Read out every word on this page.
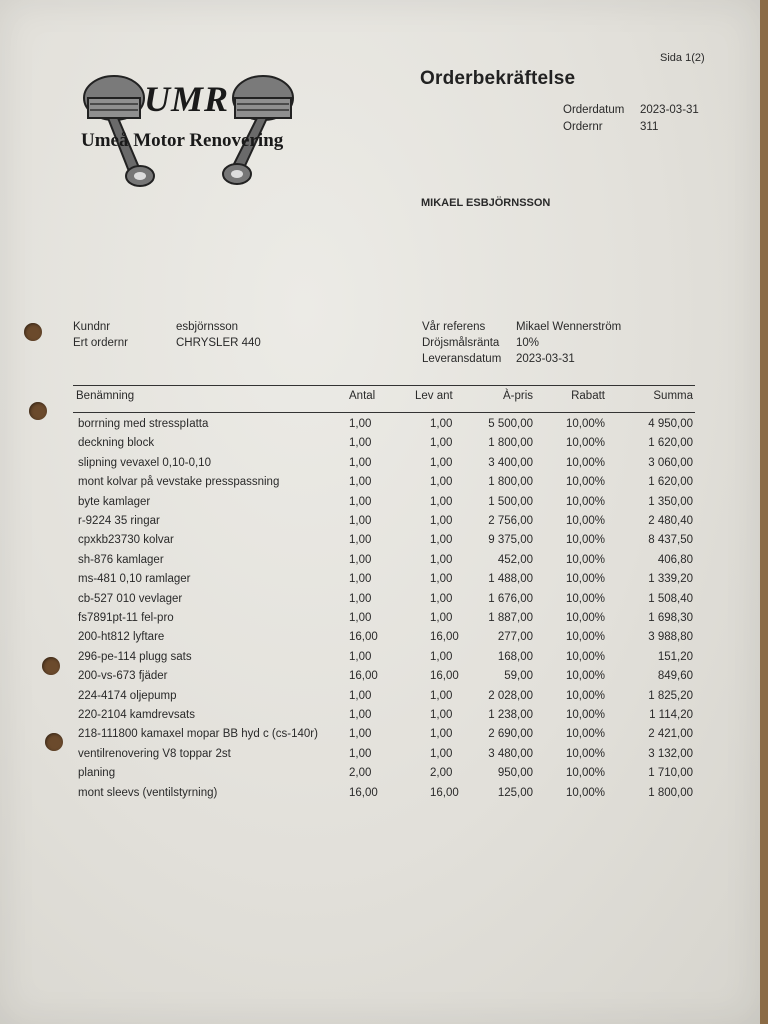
UMR
Umeå Motor Renovering
Sida 1(2)
Orderbekräftelse
Orderdatum 2023-03-31
Ordernr	311
MIKAEL ESBJÖRNSSON
Kundnr	esbjörnsson
Ert ordernr	CHRYSLER 440
Vår referens	Mikael Wennerström
Dröjsmålsränta 10%
Leveransdatum 2023-03-31
Benämning	Antal	Lev ant	À-pris	Rabatt	Summa
borrning med stresspIatta	1,00	1,00	5 500,00	10,00%	4 950,00
deckning block	1,00	1,00	1 800,00	10,00%	1 620,00
slipning vevaxel 0,10-0,10	1,00	1,00	3 400,00	10,00%	3 060,00
mont kolvar på vevstake presspassning	1,00	1,00	1 800,00	10,00%	1 620,00
byte kamlager	1,00	1,00	1 500,00	10,00%	1 350,00
r-9224 35 ringar	1,00	1,00	2 756,00	10,00%	2 480,40
cpxkb23730 kolvar	1,00	1,00	9 375,00	10,00%	8 437,50
sh-876 kamlager	1,00	1,00	452,00	10,00%	406,80
ms-481 0,10 ramlager	1,00	1,00	1 488,00	10,00%	1 339,20
cb-527 010 vevlager	1,00	1,00	1 676,00	10,00%	1 508,40
fs7891pt-11 fel-pro	1,00	1,00	1 887,00	10,00%	1 698,30
200-ht812 lyftare	16,00	16,00	277,00	10,00%	3 988,80
296-pe-114 plugg sats	1,00	1,00	168,00	10,00%	151,20
200-vs-673 fjäder	16,00	16,00	59,00	10,00%	849,60
224-4174 oljepump	1,00	1,00	2 028,00	10,00%	1 825,20
220-2104 kamdrevsats	1,00	1,00	1 238,00	10,00%	1 114,20
218-111800 kamaxel mopar BB hyd c (cs-140r)	1,00	1,00	2 690,00	10,00%	2 421,00
ventilrenovering V8 toppar 2st	1,00	1,00	3 480,00	10,00%	3 132,00
planing	2,00	2,00	950,00	10,00%	1 710,00
mont sleevs (ventilstyrning)	16,00	16,00	125,00	10,00%	1 800,00
